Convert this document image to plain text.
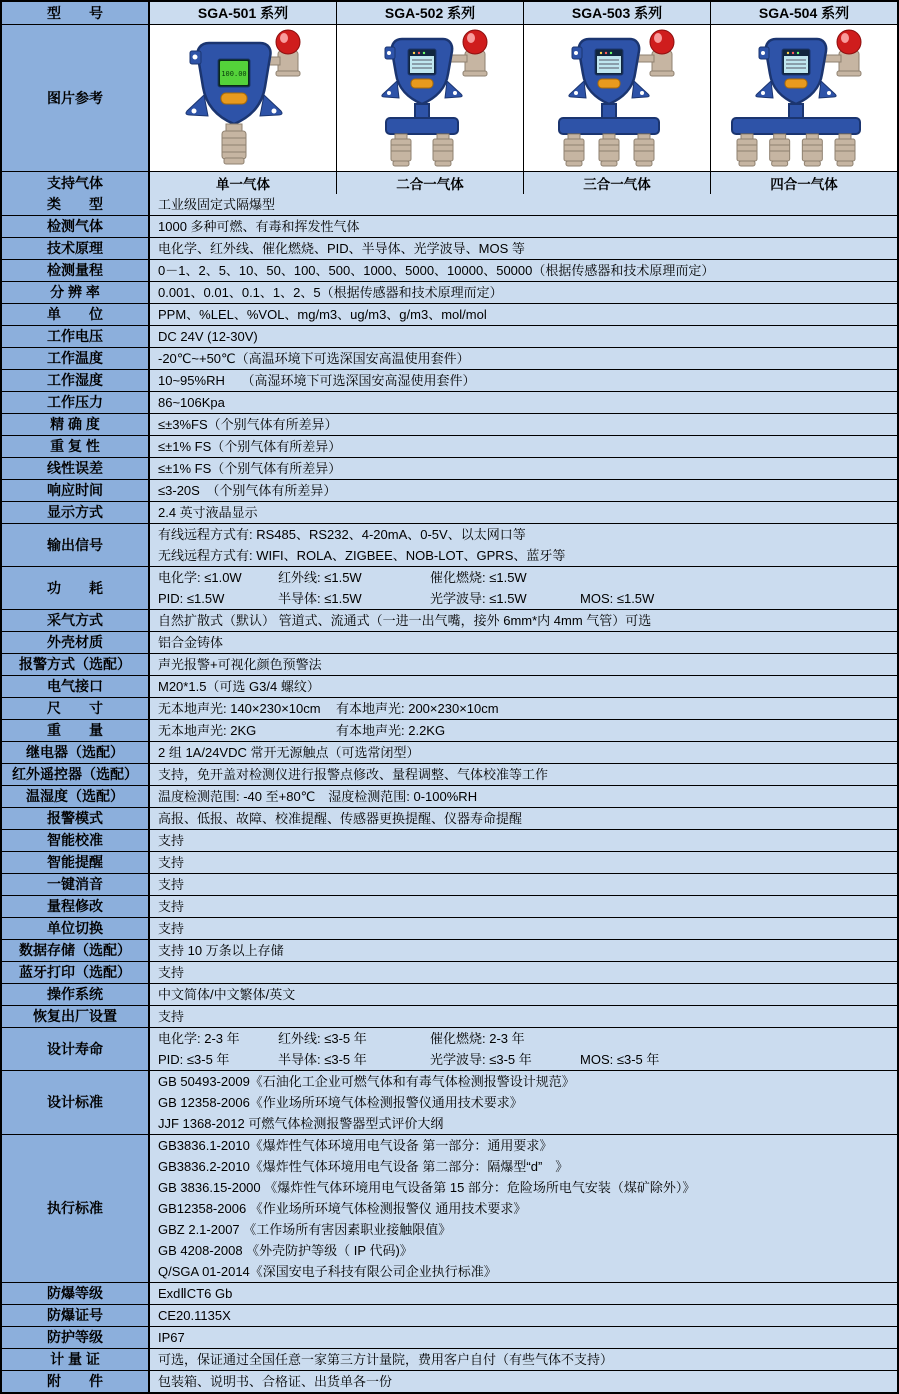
型　　号	SGA-501 系列	SGA-502 系列	SGA-503 系列	SGA-504 系列
图片参考
100.00
支持气体	单一气体	二合一气体	三合一气体	四合一气体
类　　型	工业级固定式隔爆型
检测气体	1000 多种可燃、有毒和挥发性气体
技术原理	电化学、红外线、催化燃烧、PID、半导体、光学波导、MOS 等
检测量程	0－1、2、5、10、50、100、500、1000、5000、10000、50000（根据传感器和技术原理而定）
分 辨 率	0.001、0.01、0.1、1、2、5（根据传感器和技术原理而定）
单　　位	PPM、%LEL、%VOL、mg/m3、ug/m3、g/m3、mol/mol
工作电压	DC 24V (12-30V)
工作温度	-20℃~+50℃（高温环境下可选深国安高温使用套件）
工作湿度	10~95%RH　 （高湿环境下可选深国安高湿使用套件）
工作压力	86~106Kpa
精 确 度	≤±3%FS（个别气体有所差异）
重 复 性	≤±1% FS（个别气体有所差异）
线性误差	≤±1% FS（个别气体有所差异）
响应时间	≤3-20S　（个别气体有所差异）
显示方式	2.4 英寸液晶显示
输出信号
有线远程方式有: RS485、RS232、4-20mA、0-5V、以太网口等
无线远程方式有: WIFI、ROLA、ZIGBEE、NOB-LOT、GPRS、蓝牙等
功　　耗
电化学: ≤1.0W	红外线: ≤1.5W	催化燃烧: ≤1.5W
PID: ≤1.5W	半导体: ≤1.5W	光学波导: ≤1.5W	MOS: ≤1.5W
采气方式	自然扩散式（默认） 管道式、流通式（一进一出气嘴，接外 6mm*内 4mm 气管）可选
外壳材质	铝合金铸体
报警方式（选配）	声光报警+可视化颜色预警法
电气接口	M20*1.5（可选 G3/4 螺纹）
尺　　寸	无本地声光: 140×230×10cm	有本地声光: 200×230×10cm
重　　量	无本地声光: 2KG	有本地声光: 2.2KG
继电器（选配）	2 组 1A/24VDC 常开无源触点（可选常闭型）
红外遥控器（选配）	支持，免开盖对检测仪进行报警点修改、量程调整、气体校准等工作
温湿度（选配）	温度检测范围: -40 至+80℃　湿度检测范围: 0-100%RH
报警模式	高报、低报、故障、校准提醒、传感器更换提醒、仪器寿命提醒
智能校准	支持
智能提醒	支持
一键消音	支持
量程修改	支持
单位切换	支持
数据存储（选配）	支持 10 万条以上存储
蓝牙打印（选配）	支持
操作系统	中文简体/中文繁体/英文
恢复出厂设置	支持
设计寿命
电化学: 2-3 年	红外线: ≤3-5 年	催化燃烧: 2-3 年
PID: ≤3-5 年	半导体: ≤3-5 年	光学波导: ≤3-5 年	MOS: ≤3-5 年
设计标准
GB 50493-2009《石油化工企业可燃气体和有毒气体检测报警设计规范》
GB 12358-2006《作业场所环境气体检测报警仪通用技术要求》
JJF 1368-2012 可燃气体检测报警器型式评价大纲
执行标准
GB3836.1-2010《爆炸性气体环境用电气设备 第一部分：通用要求》
GB3836.2-2010《爆炸性气体环境用电气设备 第二部分：隔爆型“d”　》
GB 3836.15-2000 《爆炸性气体环境用电气设备第 15 部分：危险场所电气安装（煤矿除外）》
GB12358-2006 《作业场所环境气体检测报警仪 通用技术要求》
GBZ 2.1-2007 《工作场所有害因素职业接触限值》
GB 4208-2008 《外壳防护等级（ IP 代码)》
Q/SGA 01-2014《深国安电子科技有限公司企业执行标准》
防爆等级	ExdⅡCT6 Gb
防爆证号	CE20.1135X
防护等级	IP67
计 量 证	可选，保证通过全国任意一家第三方计量院，费用客户自付（有些气体不支持）
附　　件	包装箱、说明书、合格证、出货单各一份
